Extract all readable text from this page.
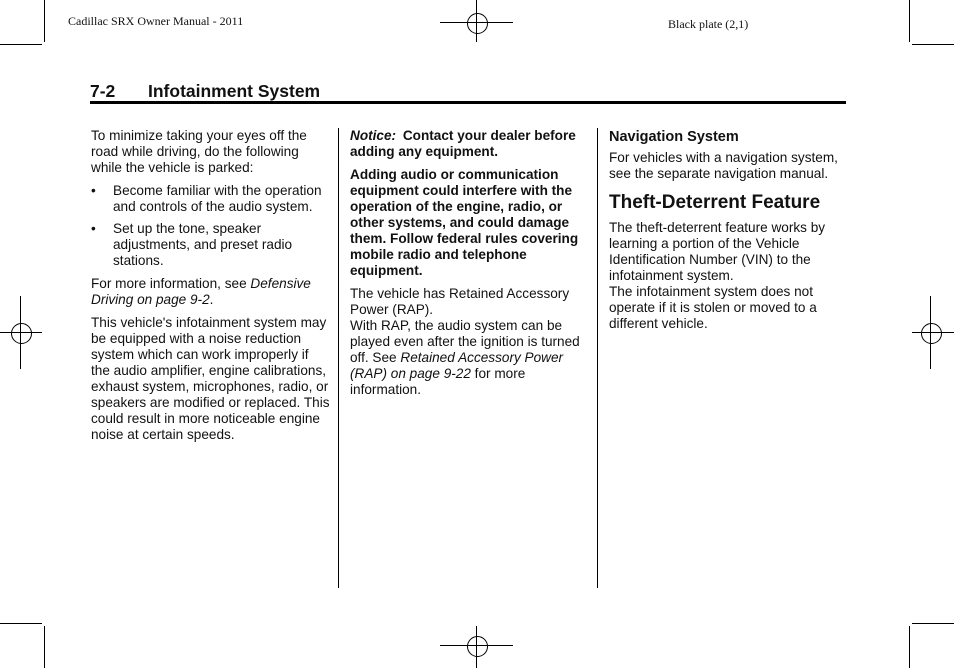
Cadillac SRX Owner Manual - 2011	Black plate (2,1)
7-2 Infotainment System

To minimize taking your eyes off the road while driving, do the following while the vehicle is parked:

• Become familiar with the operation and controls of the audio system.
• Set up the tone, speaker adjustments, and preset radio stations.

For more information, see Defensive Driving on page 9-2.

This vehicle's infotainment system may be equipped with a noise reduction system which can work improperly if the audio amplifier, engine calibrations, exhaust system, microphones, radio, or speakers are modified or replaced. This could result in more noticeable engine noise at certain speeds.

Notice: Contact your dealer before adding any equipment.

Adding audio or communication equipment could interfere with the operation of the engine, radio, or other systems, and could damage them. Follow federal rules covering mobile radio and telephone equipment.

The vehicle has Retained Accessory Power (RAP).
With RAP, the audio system can be played even after the ignition is turned off. See Retained Accessory Power (RAP) on page 9-22 for more information.

Navigation System

For vehicles with a navigation system, see the separate navigation manual.

Theft-Deterrent Feature

The theft-deterrent feature works by learning a portion of the Vehicle Identification Number (VIN) to the infotainment system.
The infotainment system does not operate if it is stolen or moved to a different vehicle.
